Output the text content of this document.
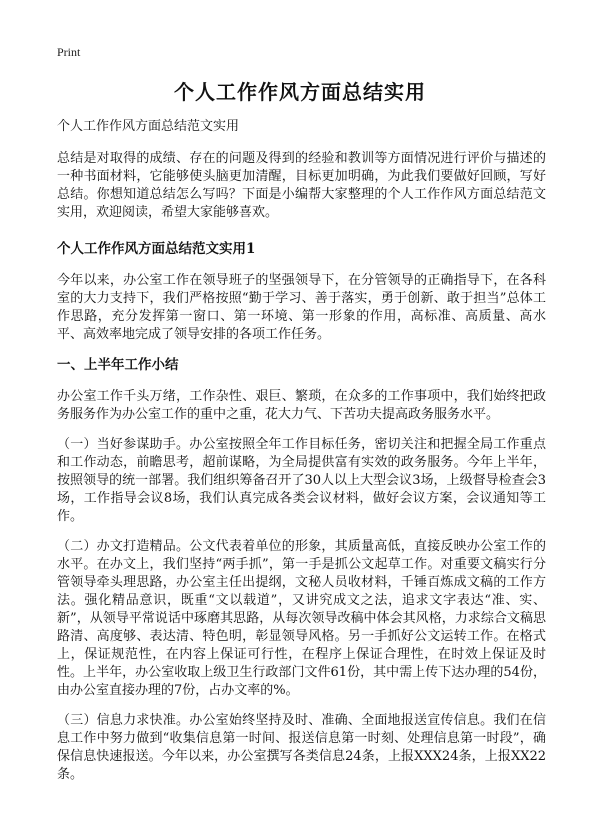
Print
个人工作作风方面总结实用

个人工作作风方面总结范文实用

总结是对取得的成绩、存在的问题及得到的经验和教训等方面情况进行评价与描述的一种书面材料，它能够使头脑更加清醒，目标更加明确，为此我们要做好回顾，写好总结。你想知道总结怎么写吗？下面是小编帮大家整理的个人工作作风方面总结范文实用，欢迎阅读，希望大家能够喜欢。

个人工作作风方面总结范文实用1

今年以来，办公室工作在领导班子的坚强领导下，在分管领导的正确指导下，在各科室的大力支持下，我们严格按照“勤于学习、善于落实，勇于创新、敢于担当”总体工作思路，充分发挥第一窗口、第一环境、第一形象的作用，高标准、高质量、高水平、高效率地完成了领导安排的各项工作任务。

一、上半年工作小结

办公室工作千头万绪，工作杂性、艰巨、繁琐，在众多的工作事项中，我们始终把政务服务作为办公室工作的重中之重，花大力气、下苦功夫提高政务服务水平。

（一）当好参谋助手。办公室按照全年工作目标任务，密切关注和把握全局工作重点和工作动态，前瞻思考，超前谋略，为全局提供富有实效的政务服务。今年上半年，按照领导的统一部署。我们组织筹备召开了30人以上大型会议3场，上级督导检查会3场，工作指导会议8场，我们认真完成各类会议材料，做好会议方案，会议通知等工作。

（二）办文打造精品。公文代表着单位的形象，其质量高低，直接反映办公室工作的水平。在办文上，我们坚持“两手抓”，第一手是抓公文起草工作。对重要文稿实行分管领导牵头理思路，办公室主任出提纲，文秘人员收材料，千锤百炼成文稿的工作方法。强化精品意识，既重“文以载道”，又讲究成文之法，追求文字表达“准、实、新”，从领导平常说话中琢磨其思路，从每次领导改稿中体会其风格，力求综合文稿思路清、高度够、表达清、特色明，彰显领导风格。另一手抓好公文运转工作。在格式上，保证规范性，在内容上保证可行性，在程序上保证合理性，在时效上保证及时性。上半年，办公室收取上级卫生行政部门文件61份，其中需上传下达办理的54份，由办公室直接办理的7份，占办文率的%。

（三）信息力求快准。办公室始终坚持及时、准确、全面地报送宣传信息。我们在信息工作中努力做到“收集信息第一时间、报送信息第一时刻、处理信息第一时段”，确保信息快速报送。今年以来，办公室撰写各类信息24条，上报XXX24条，上报XX22条。
